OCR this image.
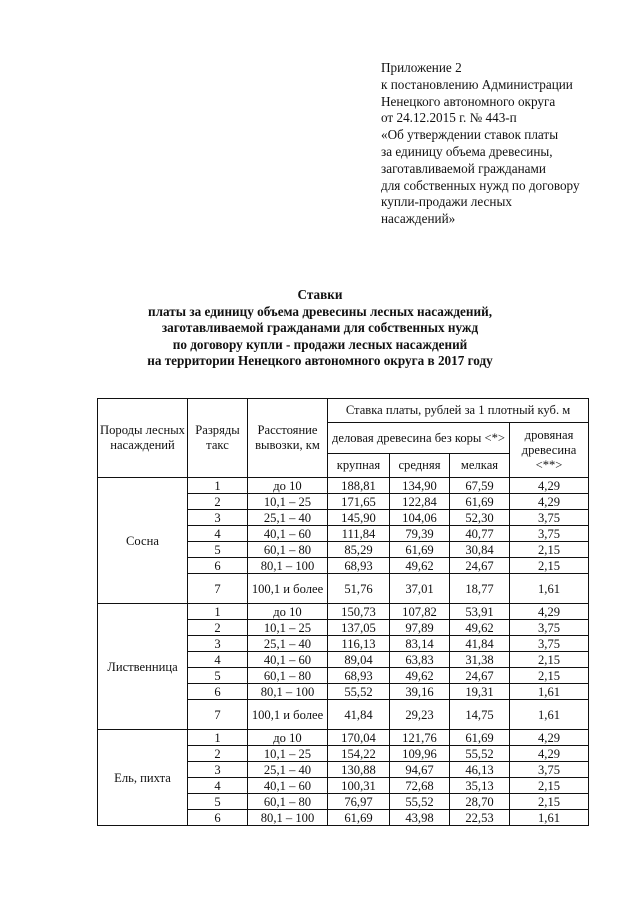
Приложение 2
к постановлению Администрации
Ненецкого автономного округа
от 24.12.2015 г. № 443-п
«Об утверждении ставок платы
за единицу объема древесины,
заготавливаемой гражданами
для собственных нужд по договору
купли-продажи лесных
насаждений»
Ставки
платы за единицу объема древесины лесных насаждений,
заготавливаемой гражданами для собственных нужд
по договору купли - продажи лесных насаждений
на территории Ненецкого автономного округа в 2017 году
Породы лесных насаждений	Разряды такс	Расстояние вывозки, км	Ставка платы, рублей за 1 плотный куб. м			
			деловая древесина без коры <*>			дровяная древесина <**>
			крупная	средняя	мелкая	
Сосна	1	до 10	188,81	134,90	67,59	4,29
	2	10,1 – 25	171,65	122,84	61,69	4,29
	3	25,1 – 40	145,90	104,06	52,30	3,75
	4	40,1 – 60	111,84	79,39	40,77	3,75
	5	60,1 – 80	85,29	61,69	30,84	2,15
	6	80,1 – 100	68,93	49,62	24,67	2,15
	7	100,1 и более	51,76	37,01	18,77	1,61
Лиственница	1	до 10	150,73	107,82	53,91	4,29
	2	10,1 – 25	137,05	97,89	49,62	3,75
	3	25,1 – 40	116,13	83,14	41,84	3,75
	4	40,1 – 60	89,04	63,83	31,38	2,15
	5	60,1 – 80	68,93	49,62	24,67	2,15
	6	80,1 – 100	55,52	39,16	19,31	1,61
	7	100,1 и более	41,84	29,23	14,75	1,61
Ель, пихта	1	до 10	170,04	121,76	61,69	4,29
	2	10,1 – 25	154,22	109,96	55,52	4,29
	3	25,1 – 40	130,88	94,67	46,13	3,75
	4	40,1 – 60	100,31	72,68	35,13	2,15
	5	60,1 – 80	76,97	55,52	28,70	2,15
	6	80,1 – 100	61,69	43,98	22,53	1,61
